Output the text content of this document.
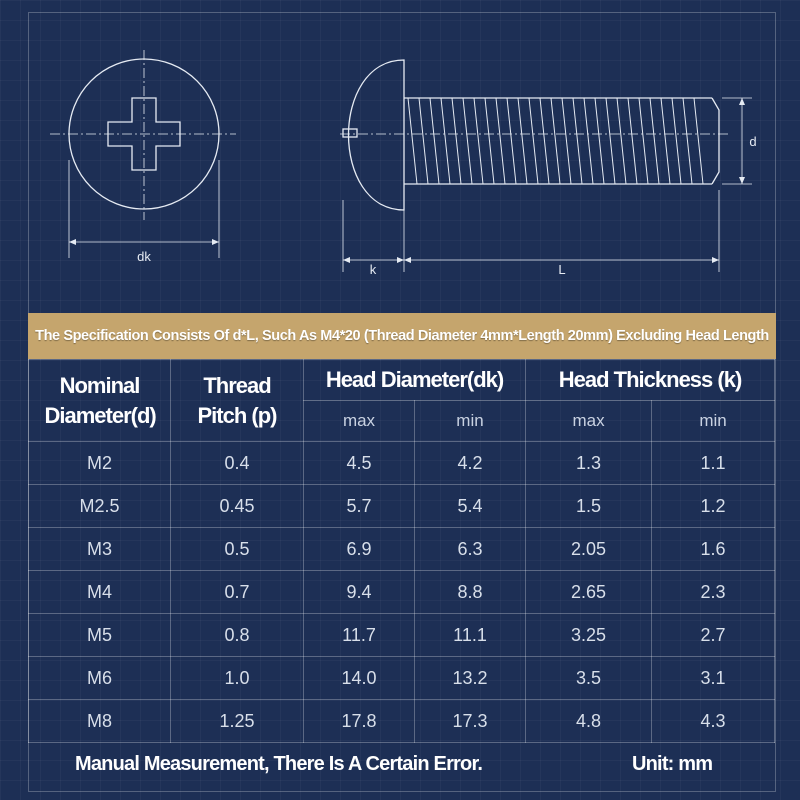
dk
k	L
d
The Specification Consists Of d*L, Such As M4*20 (Thread Diameter 4mm*Length 20mm) Excluding Head Length
Nominal Diameter(d)	Thread Pitch (p)	Head Diameter(dk)		Head Thickness (k)	
		max	min	max	min
M2	0.4	4.5	4.2	1.3	1.1
M2.5	0.45	5.7	5.4	1.5	1.2
M3	0.5	6.9	6.3	2.05	1.6
M4	0.7	9.4	8.8	2.65	2.3
M5	0.8	11.7	11.1	3.25	2.7
M6	1.0	14.0	13.2	3.5	3.1
M8	1.25	17.8	17.3	4.8	4.3
Manual Measurement, There Is A Certain Error.	Unit: mm
